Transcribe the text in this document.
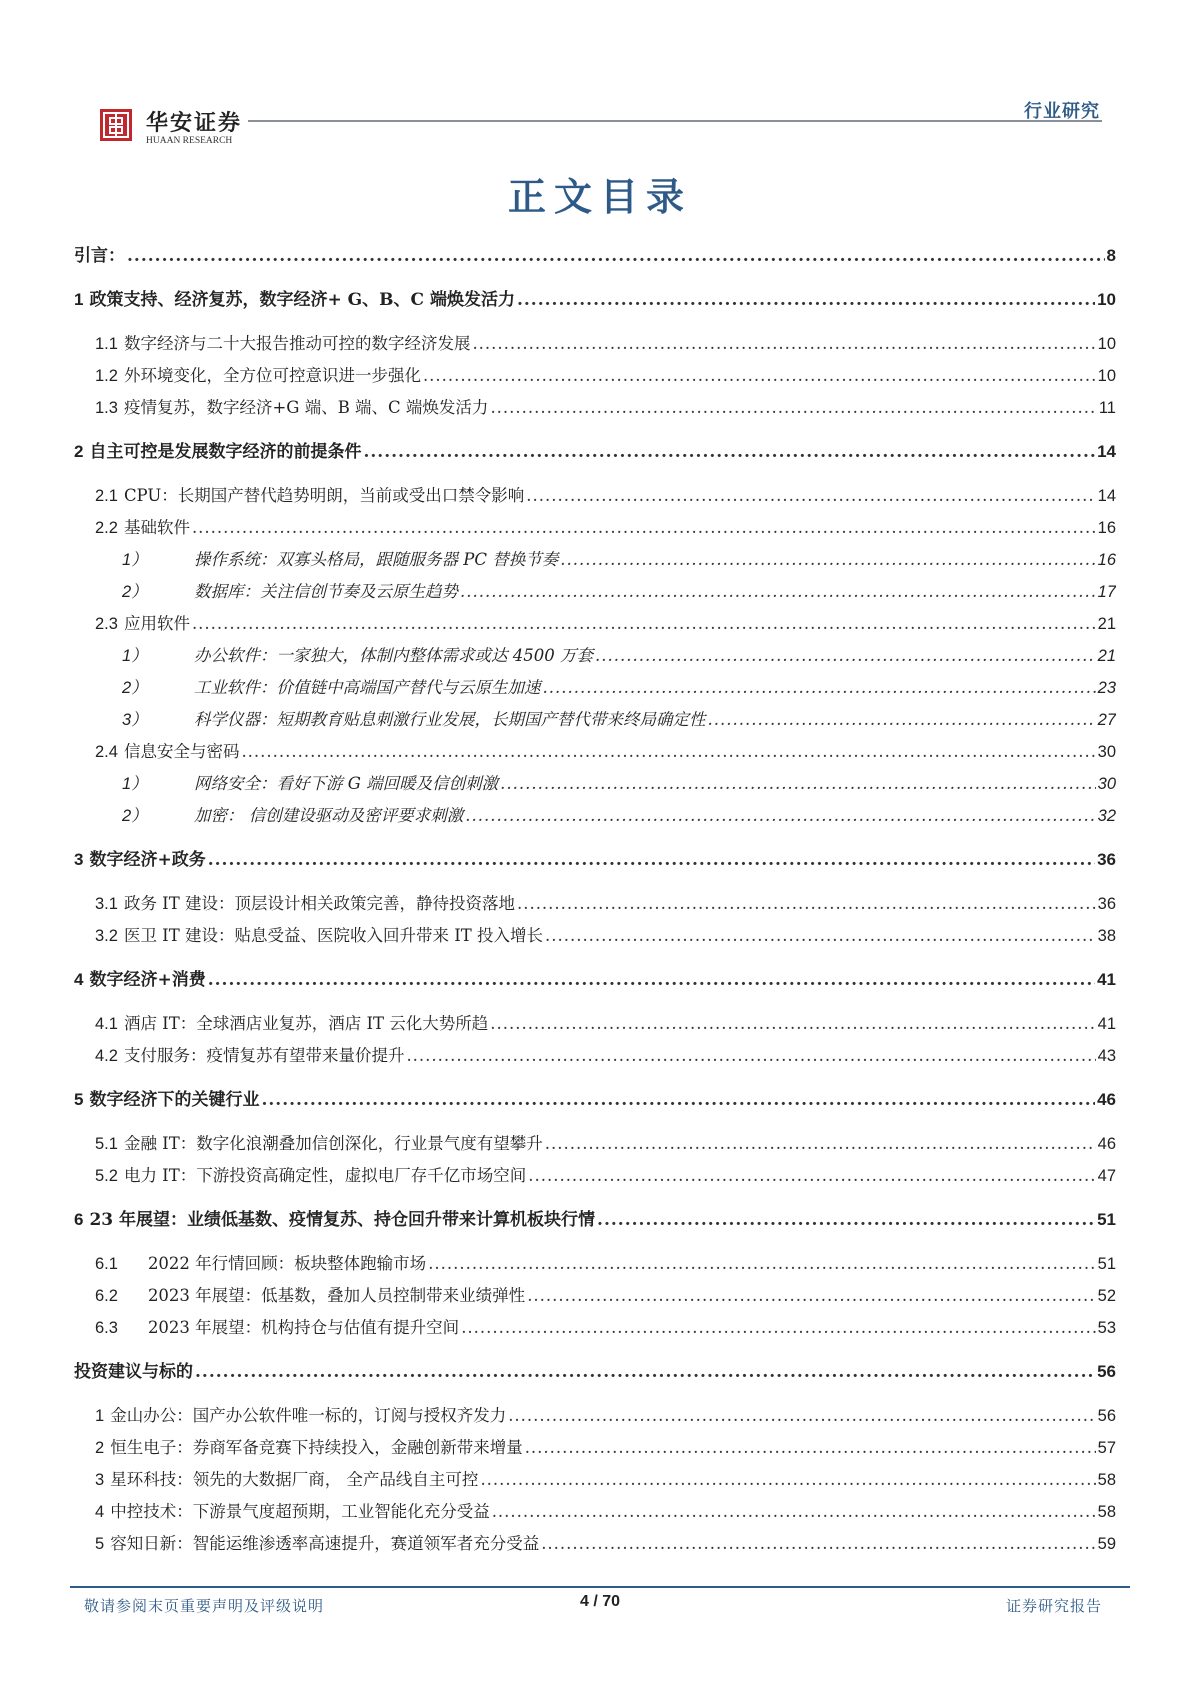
华安证券
HUAAN RESEARCH
行业研究
正文目录
引言： .....	8
1 政策支持、经济复苏，数字经济+ G、B、C 端焕发活力 .....	10
1.1 数字经济与二十大报告推动可控的数字经济发展 .....	10
1.2 外环境变化，全方位可控意识进一步强化 .....	10
1.3 疫情复苏，数字经济+G 端、B 端、C 端焕发活力 .....	11
2 自主可控是发展数字经济的前提条件 .....	14
2.1 CPU：长期国产替代趋势明朗，当前或受出口禁令影响 .....	14
2.2 基础软件 .....	16
1）	操作系统：双寡头格局，跟随服务器 PC 替换节奏 .....	16
2）	数据库：关注信创节奏及云原生趋势 .....	17
2.3 应用软件 .....	21
1）	办公软件：一家独大，体制内整体需求或达 4500 万套 .....	21
2）	工业软件：价值链中高端国产替代与云原生加速 .....	23
3）	科学仪器：短期教育贴息刺激行业发展，长期国产替代带来终局确定性 .....	27
2.4 信息安全与密码 .....	30
1）	网络安全：看好下游 G 端回暖及信创刺激 .....	30
2）	加密： 信创建设驱动及密评要求刺激 .....	32
3 数字经济+政务 .....	36
3.1 政务 IT 建设：顶层设计相关政策完善，静待投资落地 .....	36
3.2 医卫 IT 建设：贴息受益、医院收入回升带来 IT 投入增长 .....	38
4 数字经济+消费 .....	41
4.1 酒店 IT：全球酒店业复苏，酒店 IT 云化大势所趋 .....	41
4.2 支付服务：疫情复苏有望带来量价提升 .....	43
5 数字经济下的关键行业 .....	46
5.1 金融 IT：数字化浪潮叠加信创深化，行业景气度有望攀升 .....	46
5.2 电力 IT：下游投资高确定性，虚拟电厂存千亿市场空间 .....	47
6 23 年展望：业绩低基数、疫情复苏、持仓回升带来计算机板块行情 .....	51
6.1 2022 年行情回顾：板块整体跑输市场 .....	51
6.2 2023 年展望：低基数，叠加人员控制带来业绩弹性 .....	52
6.3 2023 年展望：机构持仓与估值有提升空间 .....	53
投资建议与标的 .....	56
1 金山办公：国产办公软件唯一标的，订阅与授权齐发力 .....	56
2 恒生电子：券商军备竞赛下持续投入，金融创新带来增量 .....	57
3 星环科技：领先的大数据厂商， 全产品线自主可控 .....	58
4 中控技术：下游景气度超预期，工业智能化充分受益 .....	58
5 容知日新：智能运维渗透率高速提升，赛道领军者充分受益 .....	59
敬请参阅末页重要声明及评级说明	4 / 70	证券研究报告
